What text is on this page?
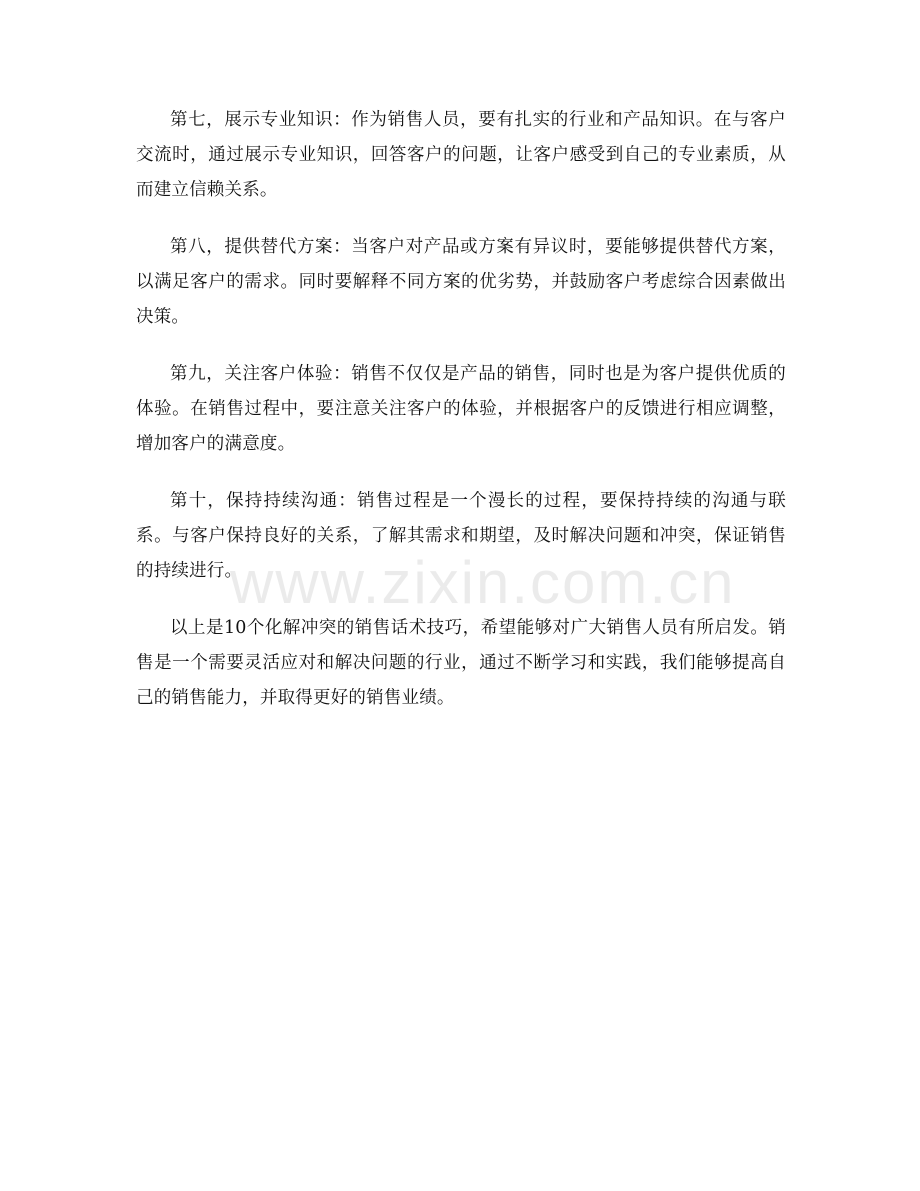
第七，展示专业知识：作为销售人员，要有扎实的行业和产品知识。在与客户交流时，通过展示专业知识，回答客户的问题，让客户感受到自己的专业素质，从而建立信赖关系。

第八，提供替代方案：当客户对产品或方案有异议时，要能够提供替代方案，以满足客户的需求。同时要解释不同方案的优劣势，并鼓励客户考虑综合因素做出决策。

第九，关注客户体验：销售不仅仅是产品的销售，同时也是为客户提供优质的体验。在销售过程中，要注意关注客户的体验，并根据客户的反馈进行相应调整，增加客户的满意度。

第十，保持持续沟通：销售过程是一个漫长的过程，要保持持续的沟通与联系。与客户保持良好的关系，了解其需求和期望，及时解决问题和冲突，保证销售的持续进行。

以上是10个化解冲突的销售话术技巧，希望能够对广大销售人员有所启发。销售是一个需要灵活应对和解决问题的行业，通过不断学习和实践，我们能够提高自己的销售能力，并取得更好的销售业绩。

www.zixin.com.cn
